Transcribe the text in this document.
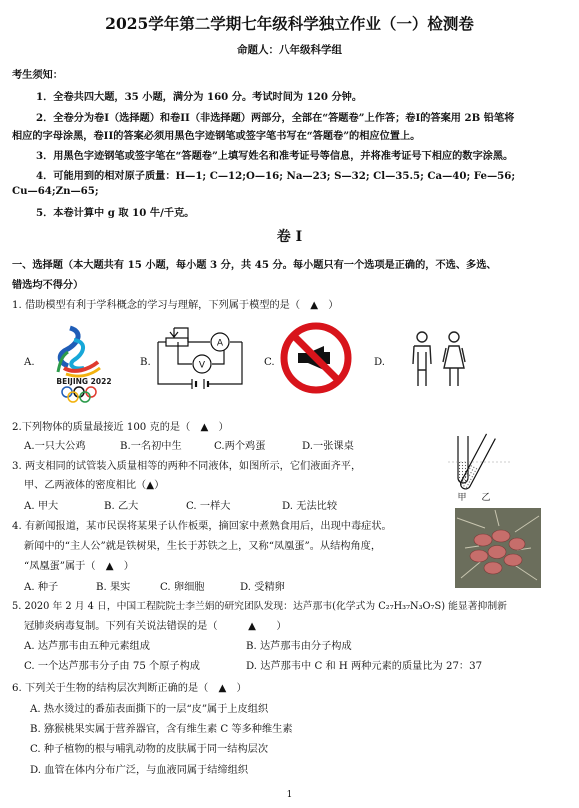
2025学年第二学期七年级科学独立作业（一）检测卷
命题人：八年级科学组
考生须知：
1．全卷共四大题，35 小题，满分为 160 分。考试时间为 120 分钟。
2．全卷分为卷I（选择题）和卷II（非选择题）两部分，全部在“答题卷”上作答；卷I的答案用 2B 铅笔将
相应的字母涂黑，卷II的答案必须用黑色字迹钢笔或签字笔书写在“答题卷”的相应位置上。
3．用黑色字迹钢笔或签字笔在“答题卷”上填写姓名和准考证号等信息，并将准考证号下相应的数字涂黑。
4．可能用到的相对原子质量：H—1; C—12;O—16; Na—23; S—32; Cl—35.5; Ca—40; Fe—56;
Cu—64;Zn—65;
5．本卷计算中 g 取 10 牛/千克。
卷 I
一、选择题（本大题共有 15 小题，每小题 3 分，共 45 分。每小题只有一个选项是正确的，不选、多选、
错选均不得分）
1. 借助模型有利于学科概念的学习与理解，下列属于模型的是（　▲　）
A.	B.	C.	D.
BEIJING 2022
A
V
2.下列物体的质量最接近 100 克的是（　▲　）
A.一只大公鸡	B.一名初中生	C.两个鸡蛋	D.一张课桌
3. 两支相同的试管装入质量相等的两种不同液体，如图所示，它们液面齐平，
甲、乙两液体的密度相比（▲）
A. 甲大	B. 乙大	C. 一样大	D. 无法比较
甲 乙
4. 有新闻报道，某市民误将某果子认作板栗，摘回家中煮熟食用后，出现中毒症状。
新闻中的“主人公”就是铁树果，生长于苏铁之上，又称“凤凰蛋”。从结构角度，
“凤凰蛋”属于（　▲　）
A. 种子	B. 果实	C. 卵细胞	D. 受精卵
5. 2020 年 2 月 4 日，中国工程院院士李兰娟的研究团队发现：达芦那韦(化学式为 C₂₇H₃₇N₃O₇S) 能显著抑制新
冠肺炎病毒复制。下列有关说法错误的是（　　　▲　　）
A. 达芦那韦由五种元素组成	B. 达芦那韦由分子构成
C. 一个达芦那韦分子由 75 个原子构成	D. 达芦那韦中 C 和 H 两种元素的质量比为 27：37
6. 下列关于生物的结构层次判断正确的是（　▲　）
A. 热水烫过的番茄表面撕下的一层“皮”属于上皮组织
B. 猕猴桃果实属于营养器官，含有维生素 C 等多种维生素
C. 种子植物的根与哺乳动物的皮肤属于同一结构层次
D. 血管在体内分布广泛，与血液同属于结缔组织
1
